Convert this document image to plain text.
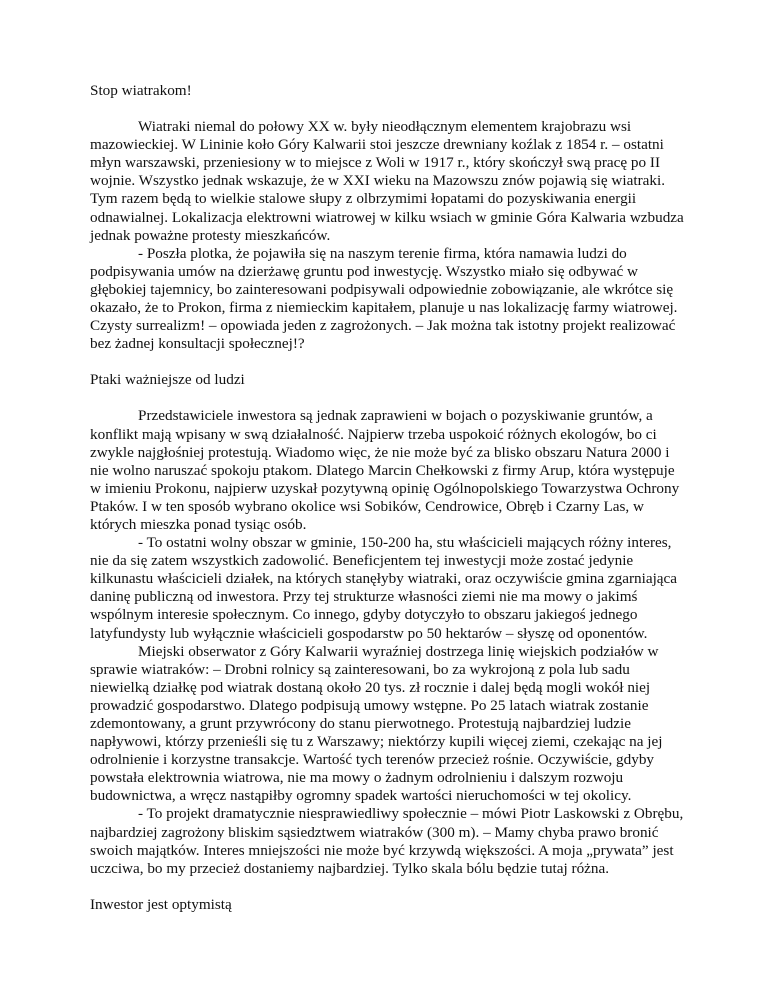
Stop wiatrakom!

Wiatraki niemal do połowy XX w. były nieodłącznym elementem krajobrazu wsi mazowieckiej. W Lininie koło Góry Kalwarii stoi jeszcze drewniany koźlak z 1854 r. – ostatni młyn warszawski, przeniesiony w to miejsce z Woli w 1917 r., który skończył swą pracę po II wojnie. Wszystko jednak wskazuje, że w XXI wieku na Mazowszu znów pojawią się wiatraki. Tym razem będą to wielkie stalowe słupy z olbrzymimi łopatami do pozyskiwania energii odnawialnej. Lokalizacja elektrowni wiatrowej w kilku wsiach w gminie Góra Kalwaria wzbudza jednak poważne protesty mieszkańców.

- Poszła plotka, że pojawiła się na naszym terenie firma, która namawia ludzi do podpisywania umów na dzierżawę gruntu pod inwestycję. Wszystko miało się odbywać w głębokiej tajemnicy, bo zainteresowani podpisywali odpowiednie zobowiązanie, ale wkrótce się okazało, że to Prokon, firma z niemieckim kapitałem, planuje u nas lokalizację farmy wiatrowej. Czysty surrealizm! – opowiada jeden z zagrożonych. – Jak można tak istotny projekt realizować bez żadnej konsultacji społecznej!?

Ptaki ważniejsze od ludzi

Przedstawiciele inwestora są jednak zaprawieni w bojach o pozyskiwanie gruntów, a konflikt mają wpisany w swą działalność. Najpierw trzeba uspokoić różnych ekologów, bo ci zwykle najgłośniej protestują. Wiadomo więc, że nie może być za blisko obszaru Natura 2000 i nie wolno naruszać spokoju ptakom. Dlatego Marcin Chełkowski z firmy Arup, która występuje w imieniu Prokonu, najpierw uzyskał pozytywną opinię Ogólnopolskiego Towarzystwa Ochrony Ptaków. I w ten sposób wybrano okolice wsi Sobików, Cendrowice, Obręb i Czarny Las, w których mieszka ponad tysiąc osób.

- To ostatni wolny obszar w gminie, 150-200 ha, stu właścicieli mających różny interes, nie da się zatem wszystkich zadowolić. Beneficjentem tej inwestycji może zostać jedynie kilkunastu właścicieli działek, na których stanęłyby wiatraki, oraz oczywiście gmina zgarniająca daninę publiczną od inwestora. Przy tej strukturze własności ziemi nie ma mowy o jakimś wspólnym interesie społecznym. Co innego, gdyby dotyczyło to obszaru jakiegoś jednego latyfundysty lub wyłącznie właścicieli gospodarstw po 50 hektarów – słyszę od oponentów.

Miejski obserwator z Góry Kalwarii wyraźniej dostrzega linię wiejskich podziałów w sprawie wiatraków: – Drobni rolnicy są zainteresowani, bo za wykrojoną z pola lub sadu niewielką działkę pod wiatrak dostaną około 20 tys. zł rocznie i dalej będą mogli wokół niej prowadzić gospodarstwo. Dlatego podpisują umowy wstępne. Po 25 latach wiatrak zostanie zdemontowany, a grunt przywrócony do stanu pierwotnego. Protestują najbardziej ludzie napływowi, którzy przenieśli się tu z Warszawy; niektórzy kupili więcej ziemi, czekając na jej odrolnienie i korzystne transakcje. Wartość tych terenów przecież rośnie. Oczywiście, gdyby powstała elektrownia wiatrowa, nie ma mowy o żadnym odrolnieniu i dalszym rozwoju budownictwa, a wręcz nastąpiłby ogromny spadek wartości nieruchomości w tej okolicy.

- To projekt dramatycznie niesprawiedliwy społecznie – mówi Piotr Laskowski z Obrębu, najbardziej zagrożony bliskim sąsiedztwem wiatraków (300 m). – Mamy chyba prawo bronić swoich majątków. Interes mniejszości nie może być krzywdą większości. A moja „prywata” jest uczciwa, bo my przecież dostaniemy najbardziej. Tylko skala bólu będzie tutaj różna.

Inwestor jest optymistą
